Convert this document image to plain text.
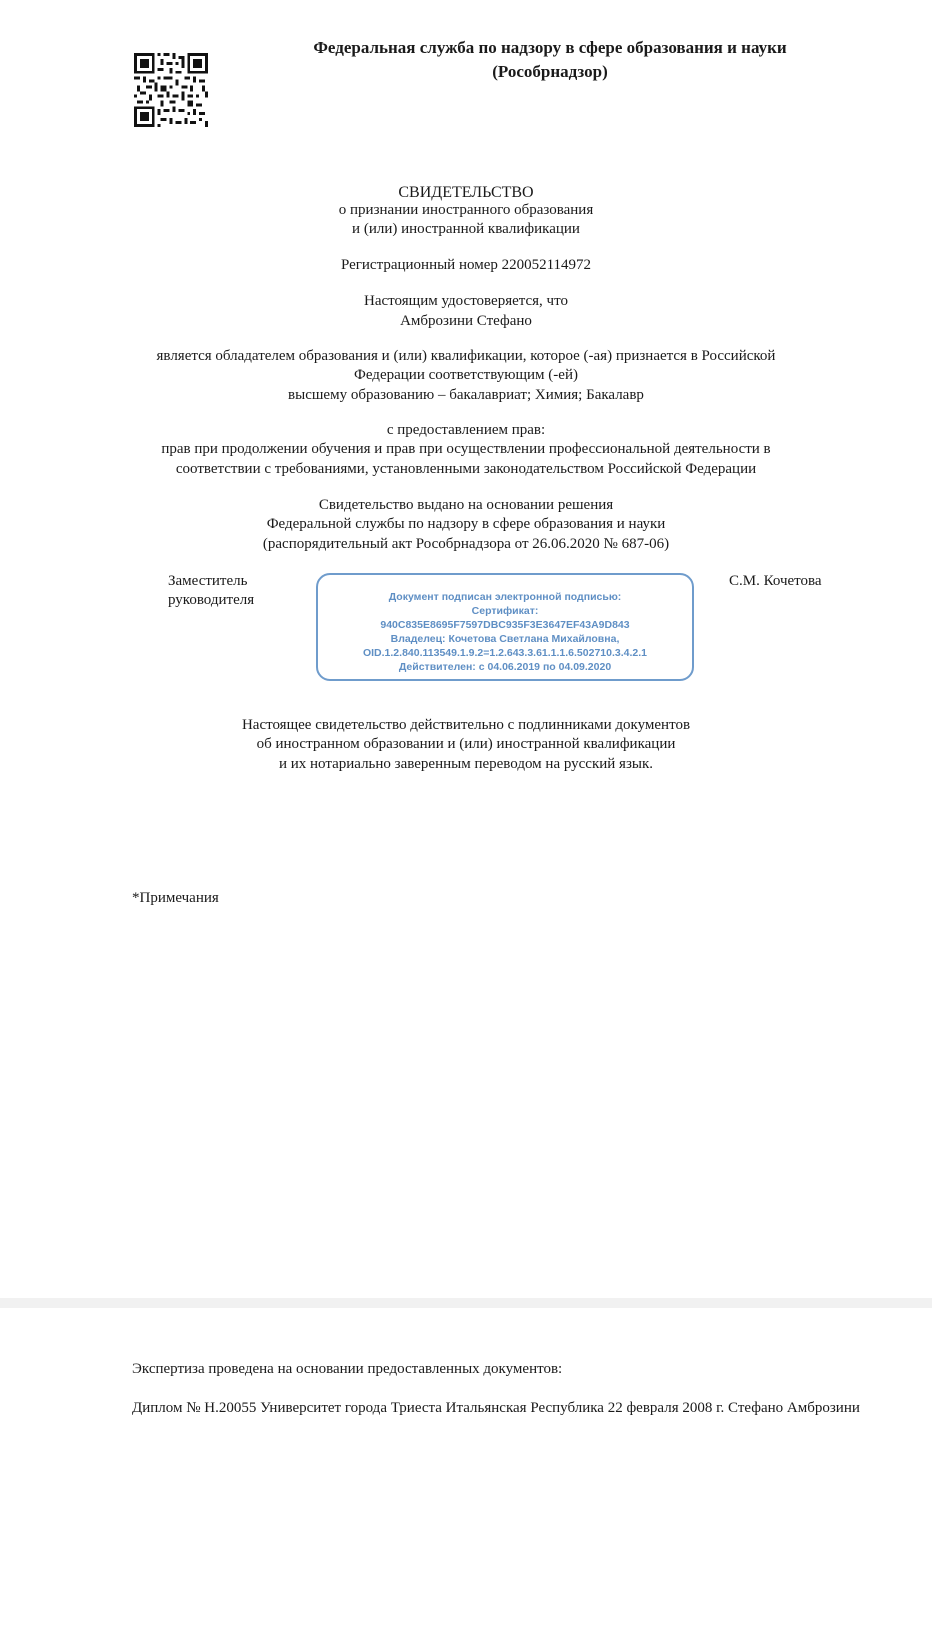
Федеральная служба по надзору в сфере образования и науки
(Рособрнадзор)
СВИДЕТЕЛЬСТВО
о признании иностранного образования
и (или) иностранной квалификации
Регистрационный номер 220052114972
Настоящим удостоверяется, что
Амброзини Стефано
является обладателем образования и (или) квалификации, которое (-ая) признается в Российской
Федерации соответствующим (-ей)
высшему образованию – бакалавриат; Химия; Бакалавр
с предоставлением прав:
прав при продолжении обучения и прав при осуществлении профессиональной деятельности в
соответствии с требованиями, установленными законодательством Российской Федерации
Свидетельство выдано на основании решения
Федеральной службы по надзору в сфере образования и науки
(распорядительный акт Рособрнадзора от 26.06.2020 № 687-06)
Заместитель
руководителя	Документ подписан электронной подписью:
Сертификат:
940C835E8695F7597DBC935F3E3647EF43A9D843
Владелец: Кочетова Светлана Михайловна,
OID.1.2.840.113549.1.9.2=1.2.643.3.61.1.1.6.502710.3.4.2.1
Действителен: с 04.06.2019 по 04.09.2020
С.М. Кочетова
Настоящее свидетельство действительно с подлинниками документов
об иностранном образовании и (или) иностранной квалификации
и их нотариально заверенным переводом на русский язык.
*Примечания
Экспертиза проведена на основании предоставленных документов:
Диплом № Н.20055 Университет города Триеста Итальянская Республика 22 февраля 2008 г. Стефано Амброзини
